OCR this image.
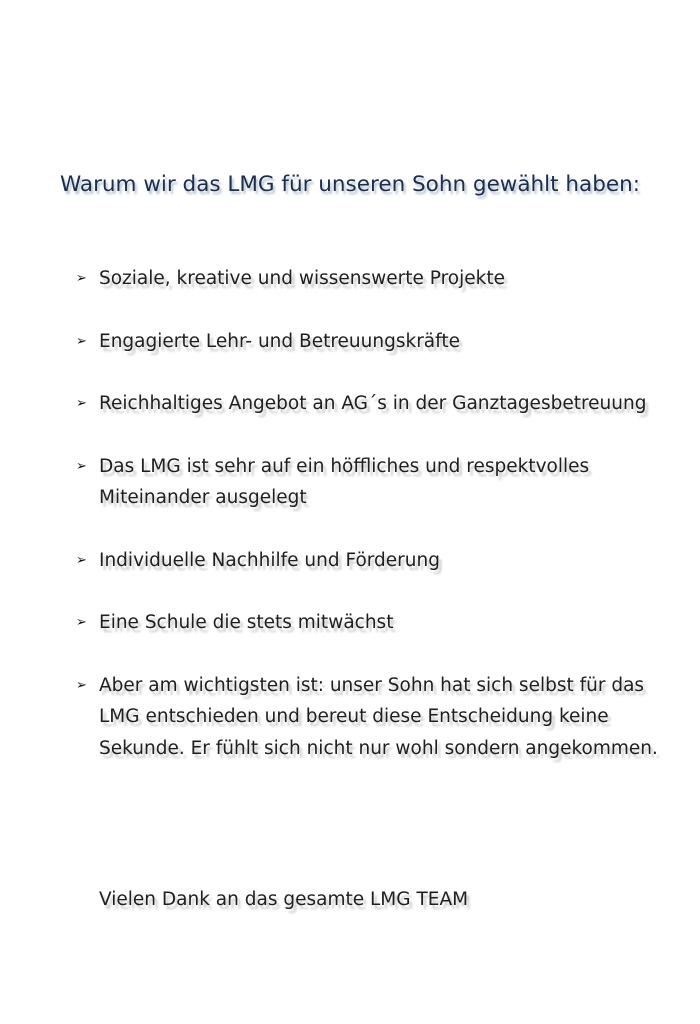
Warum wir das LMG für unseren Sohn gewählt haben:
➢ Soziale, kreative und wissenswerte Projekte
➢ Engagierte Lehr- und Betreuungskräfte
➢ Reichhaltiges Angebot an AG´s in der Ganztagesbetreuung
➢ Das LMG ist sehr auf ein höffliches und respektvolles Miteinander ausgelegt
➢ Individuelle Nachhilfe und Förderung
➢ Eine Schule die stets mitwächst
➢ Aber am wichtigsten ist: unser Sohn hat sich selbst für das LMG entschieden und bereut diese Entscheidung keine Sekunde. Er fühlt sich nicht nur wohl sondern angekommen.

Vielen Dank an das gesamte LMG TEAM
